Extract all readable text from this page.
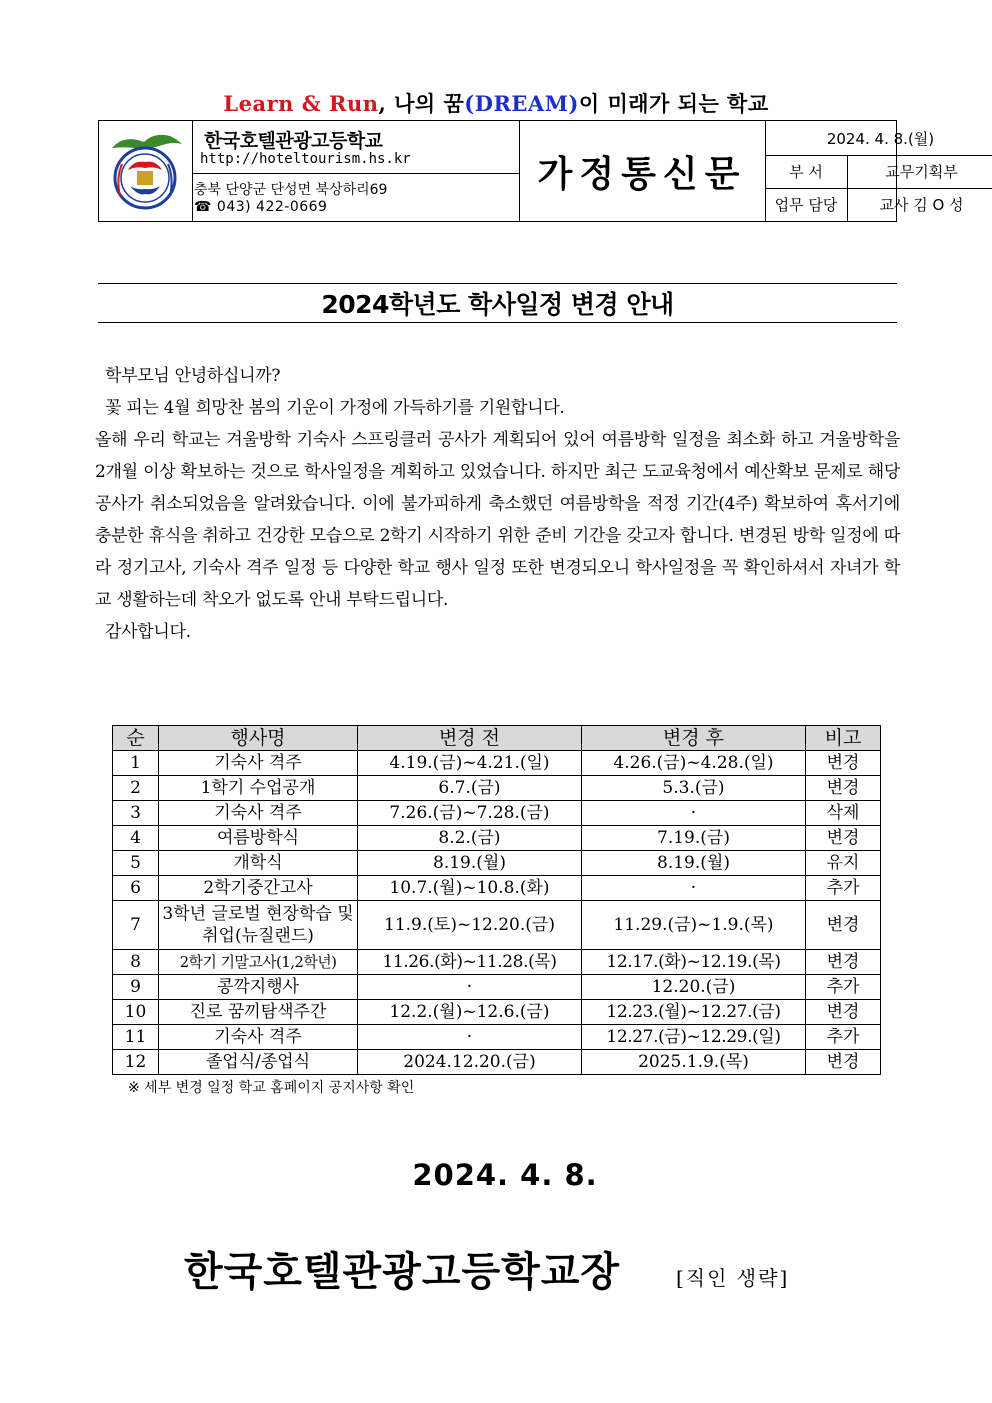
Learn & Run, 나의 꿈(DREAM)이 미래가 되는 학교
한국호텔관광고등학교
http://hoteltourism.hs.kr
충북 단양군 단성면 북상하리69
☎ 043) 422-0669
가정통신문
2024. 4. 8.(월)
부 서	교무기획부
업무 담당	교사 김 O 성
2024학년도 학사일정 변경 안내

학부모님 안녕하십니까?

꽃 피는 4월 희망찬 봄의 기운이 가정에 가득하기를 기원합니다.

올해 우리 학교는 겨울방학 기숙사 스프링클러 공사가 계획되어 있어 여름방학 일정을 최소화 하고 겨울방학을 2개월 이상 확보하는 것으로 학사일정을 계획하고 있었습니다. 하지만 최근 도교육청에서 예산확보 문제로 해당 공사가 취소되었음을 알려왔습니다. 이에 불가피하게 축소했던 여름방학을 적정 기간(4주) 확보하여 혹서기에 충분한 휴식을 취하고 건강한 모습으로 2학기 시작하기 위한 준비 기간을 갖고자 합니다. 변경된 방학 일정에 따라 정기고사, 기숙사 격주 일정 등 다양한 학교 행사 일정 또한 변경되오니 학사일정을 꼭 확인하셔서 자녀가 학교 생활하는데 착오가 없도록 안내 부탁드립니다.

감사합니다.

순	행사명	변경 전	변경 후	비고
1	기숙사 격주	4.19.(금)~4.21.(일)	4.26.(금)~4.28.(일)	변경
2	1학기 수업공개	6.7.(금)	5.3.(금)	변경
3	기숙사 격주	7.26.(금)~7.28.(금)	·	삭제
4	여름방학식	8.2.(금)	7.19.(금)	변경
5	개학식	8.19.(월)	8.19.(월)	유지
6	2학기중간고사	10.7.(월)~10.8.(화)	·	추가
7	3학년 글로벌 현장학습 및 취업(뉴질랜드)	11.9.(토)~12.20.(금)	11.29.(금)~1.9.(목)	변경
8	2학기 기말고사(1,2학년)	11.26.(화)~11.28.(목)	12.17.(화)~12.19.(목)	변경
9	콩깍지행사	·	12.20.(금)	추가
10	진로 꿈끼탐색주간	12.2.(월)~12.6.(금)	12.23.(월)~12.27.(금)	변경
11	기숙사 격주	·	12.27.(금)~12.29.(일)	추가
12	졸업식/종업식	2024.12.20.(금)	2025.1.9.(목)	변경
※ 세부 변경 일정 학교 홈페이지 공지사항 확인
2024. 4. 8.
한국호텔관광고등학교장	[직인 생략]
